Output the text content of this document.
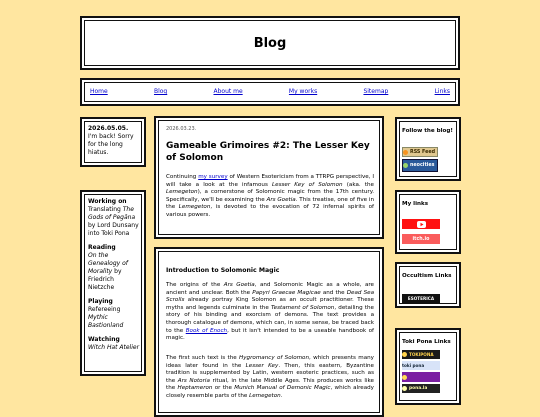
Blog
Home	Blog	About me	My works	Sitemap	Links
2026.05.05.
I'm back! Sorry for the long hiatus.
Working on
Translating The Gods of Pegāna by Lord Dunsany into Toki Pona
Reading
On the Genealogy of Morality by Friedrich Nietzche
Playing
Refereeing Mythic Bastionland
Watching
Witch Hat Atelier
2026.03.23.
Gameable Grimoires #2: The Lesser Key of Solomon
Continuing my survey of Western Esotericism from a TTRPG perspective, I will take a look at the infamous Lesser Key of Solomon (aka. the Lemegeton), a cornerstone of Solomonic magic from the 17th century. Specifically, we'll be examining the Ars Goetia. This treatise, one of five in the Lemegeton, is devoted to the evocation of 72 infernal spirits of various powers.
Introduction to Solomonic Magic
The origins of the Ars Goetia, and Solomonic Magic as a whole, are ancient and unclear. Both the Papyri Graecae Magicae and the Dead Sea Scrolls already portray King Solomon as an occult practitioner. These myths and legends culminate in the Testament of Solomon, detailing the story of his binding and exorcism of demons. The text provides a thorough catalogue of demons, which can, in some sense, be traced back to the Book of Enoch, but it isn't intended to be a useable handbook of magic.
The first such text is the Hygromancy of Solomon, which presents many ideas later found in the Lesser Key. Then, this eastern, Byzantine tradition is supplemented by Latin, western esoteric practices, such as the Ars Notoria ritual, in the late Middle Ages. This produces works like the Heptameron or the Munich Manual of Demonic Magic, which already closely resemble parts of the Lemegeton.
Follow the blog!
RSS Feed
neocities
My links
itch.io
Occultism Links
ESOTERICA
Toki Pona Links
TOKIPONA
toki pona
pona.la
